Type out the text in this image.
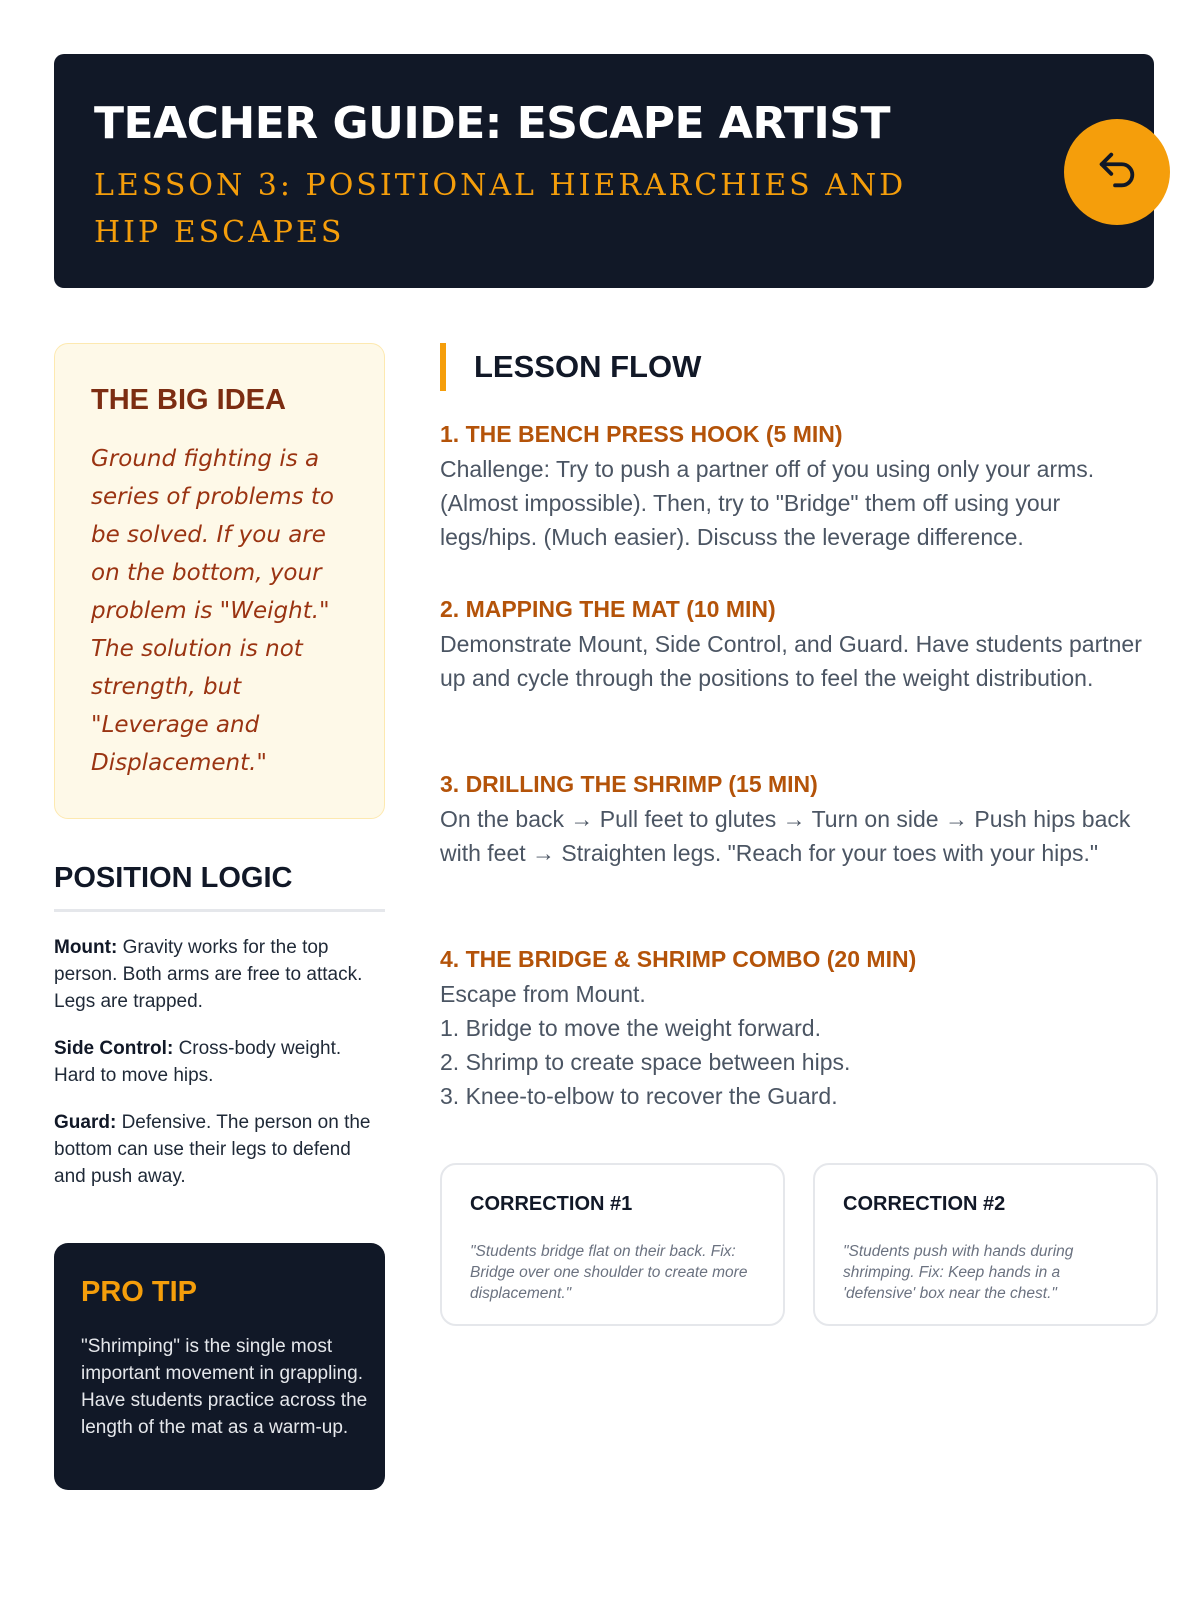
TEACHER GUIDE: ESCAPE ARTIST
LESSON 3: POSITIONAL HIERARCHIES AND HIP ESCAPES
THE BIG IDEA

Ground fighting is a series of problems to be solved. If you are on the bottom, your problem is "Weight." The solution is not strength, but "Leverage and Displacement."

POSITION LOGIC
Mount: Gravity works for the top person. Both arms are free to attack. Legs are trapped.
Side Control: Cross-body weight. Hard to move hips.
Guard: Defensive. The person on the bottom can use their legs to defend and push away.
PRO TIP

"Shrimping" is the single most important movement in grappling. Have students practice across the length of the mat as a warm-up.

LESSON FLOW
1. THE BENCH PRESS HOOK (5 MIN)

Challenge: Try to push a partner off of you using only your arms. (Almost impossible). Then, try to "Bridge" them off using your legs/hips. (Much easier). Discuss the leverage difference.

2. MAPPING THE MAT (10 MIN)

Demonstrate Mount, Side Control, and Guard. Have students partner up and cycle through the positions to feel the weight distribution.

3. DRILLING THE SHRIMP (15 MIN)

On the back → Pull feet to glutes → Turn on side → Push hips back with feet → Straighten legs. "Reach for your toes with your hips."

4. THE BRIDGE & SHRIMP COMBO (20 MIN)

Escape from Mount.
1. Bridge to move the weight forward.
2. Shrimp to create space between hips.
3. Knee-to-elbow to recover the Guard.

CORRECTION #1

"Students bridge flat on their back. Fix: Bridge over one shoulder to create more displacement."

CORRECTION #2

"Students push with hands during shrimping. Fix: Keep hands in a 'defensive' box near the chest."
